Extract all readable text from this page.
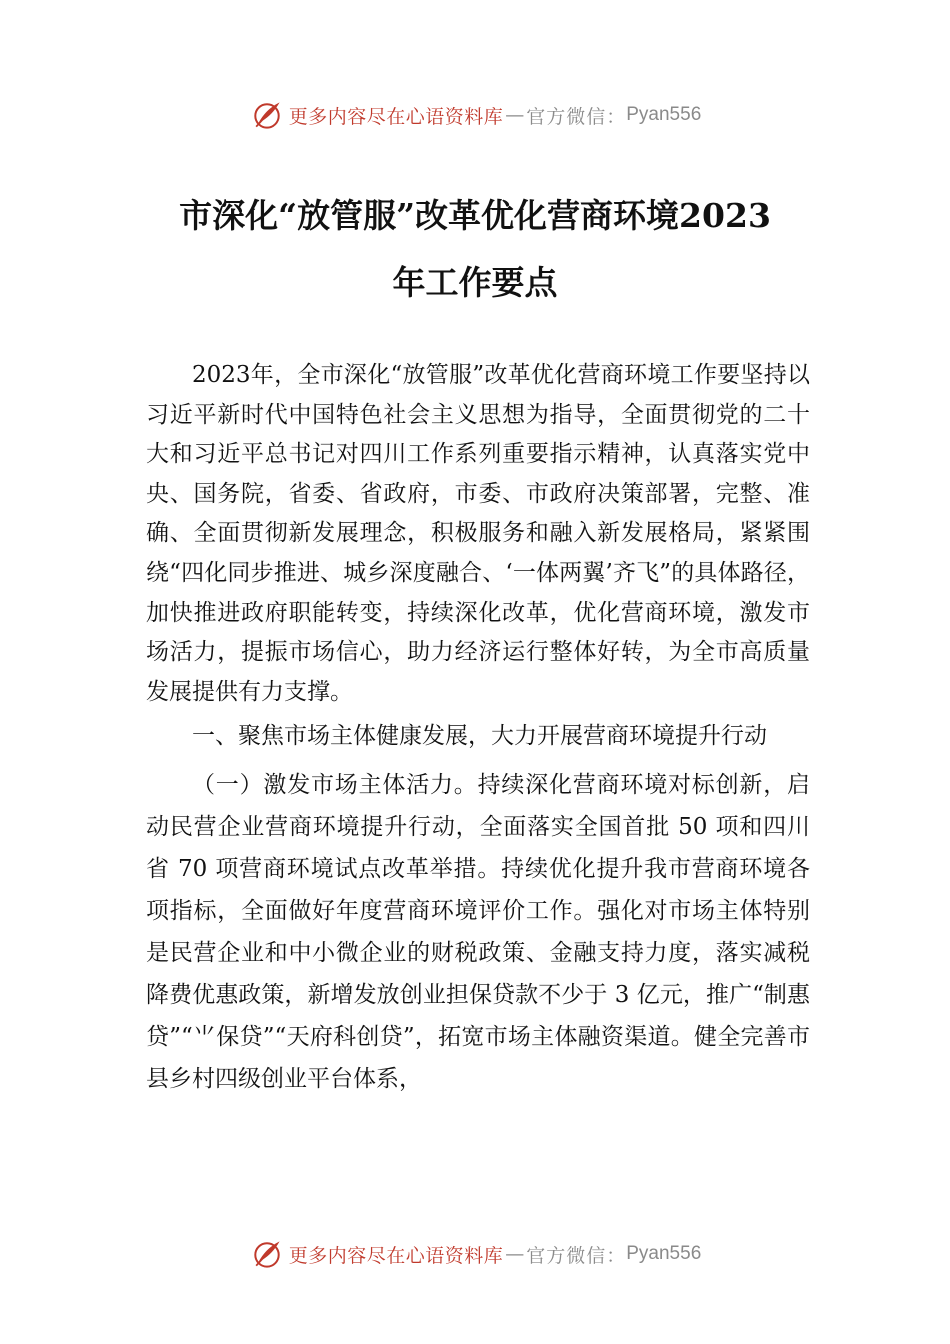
更多内容尽在心语资料库 — 官方微信： Pyan556
市深化“放管服”改革优化营商环境2023
年工作要点

2023年，全市深化“放管服”改革优化营商环境工作要坚持以习近平新时代中国特色社会主义思想为指导，全面贯彻党的二十大和习近平总书记对四川工作系列重要指示精神，认真落实党中央、国务院，省委、省政府，市委、市政府决策部署，完整、准确、全面贯彻新发展理念，积极服务和融入新发展格局，紧紧围绕“四化同步推进、城乡深度融合、‘一体两翼’齐飞”的具体路径，加快推进政府职能转变，持续深化改革，优化营商环境，激发市场活力，提振市场信心，助力经济运行整体好转，为全市高质量发展提供有力支撑。

一、聚焦市场主体健康发展，大力开展营商环境提升行动

（一）激发市场主体活力。持续深化营商环境对标创新，启动民营企业营商环境提升行动，全面落实全国首批 50 项和四川省 70 项营商环境试点改革举措。持续优化提升我市营商环境各项指标，全面做好年度营商环境评价工作。强化对市场主体特别是民营企业和中小微企业的财税政策、金融支持力度，落实减税降费优惠政策，新增发放创业担保贷款不少于 3 亿元，推广“制惠贷”“⺌保贷”“天府科创贷”，拓宽市场主体融资渠道。健全完善市县乡村四级创业平台体系，

更多内容尽在心语资料库 — 官方微信： Pyan556
